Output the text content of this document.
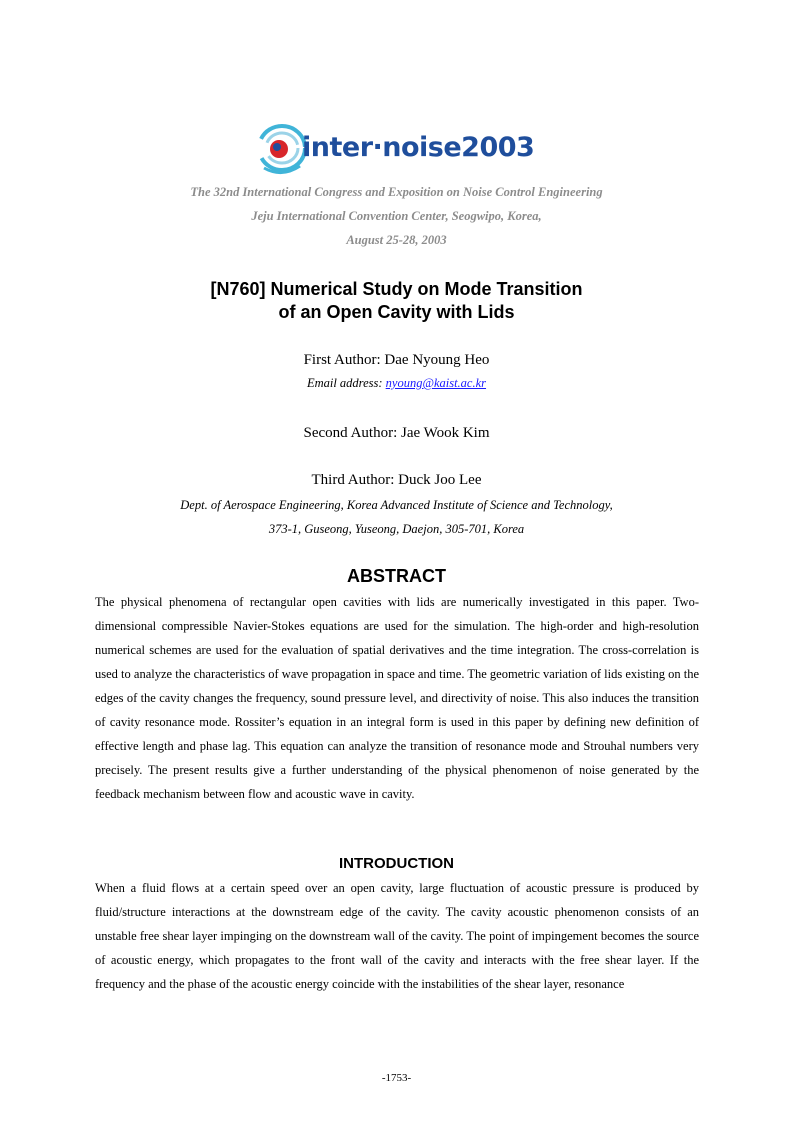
inter·noise2003
The 32nd International Congress and Exposition on Noise Control Engineering
Jeju International Convention Center, Seogwipo, Korea,
August 25-28, 2003
[N760] Numerical Study on Mode Transition
of an Open Cavity with Lids
First Author: Dae Nyoung Heo
Email address: nyoung@kaist.ac.kr
Second Author: Jae Wook Kim
Third Author: Duck Joo Lee
Dept. of Aerospace Engineering, Korea Advanced Institute of Science and Technology,
373-1, Guseong, Yuseong, Daejon, 305-701, Korea
ABSTRACT

The physical phenomena of rectangular open cavities with lids are numerically investigated in this paper. Two-dimensional compressible Navier-Stokes equations are used for the simulation. The high-order and high-resolution numerical schemes are used for the evaluation of spatial derivatives and the time integration. The cross-correlation is used to analyze the characteristics of wave propagation in space and time. The geometric variation of lids existing on the edges of the cavity changes the frequency, sound pressure level, and directivity of noise. This also induces the transition of cavity resonance mode. Rossiter’s equation in an integral form is used in this paper by defining new definition of effective length and phase lag. This equation can analyze the transition of resonance mode and Strouhal numbers very precisely. The present results give a further understanding of the physical phenomenon of noise generated by the feedback mechanism between flow and acoustic wave in cavity.

INTRODUCTION

When a fluid flows at a certain speed over an open cavity, large fluctuation of acoustic pressure is produced by fluid/structure interactions at the downstream edge of the cavity. The cavity acoustic phenomenon consists of an unstable free shear layer impinging on the downstream wall of the cavity. The point of impingement becomes the source of acoustic energy, which propagates to the front wall of the cavity and interacts with the free shear layer. If the frequency and the phase of the acoustic energy coincide with the instabilities of the shear layer, resonance

-1753-
